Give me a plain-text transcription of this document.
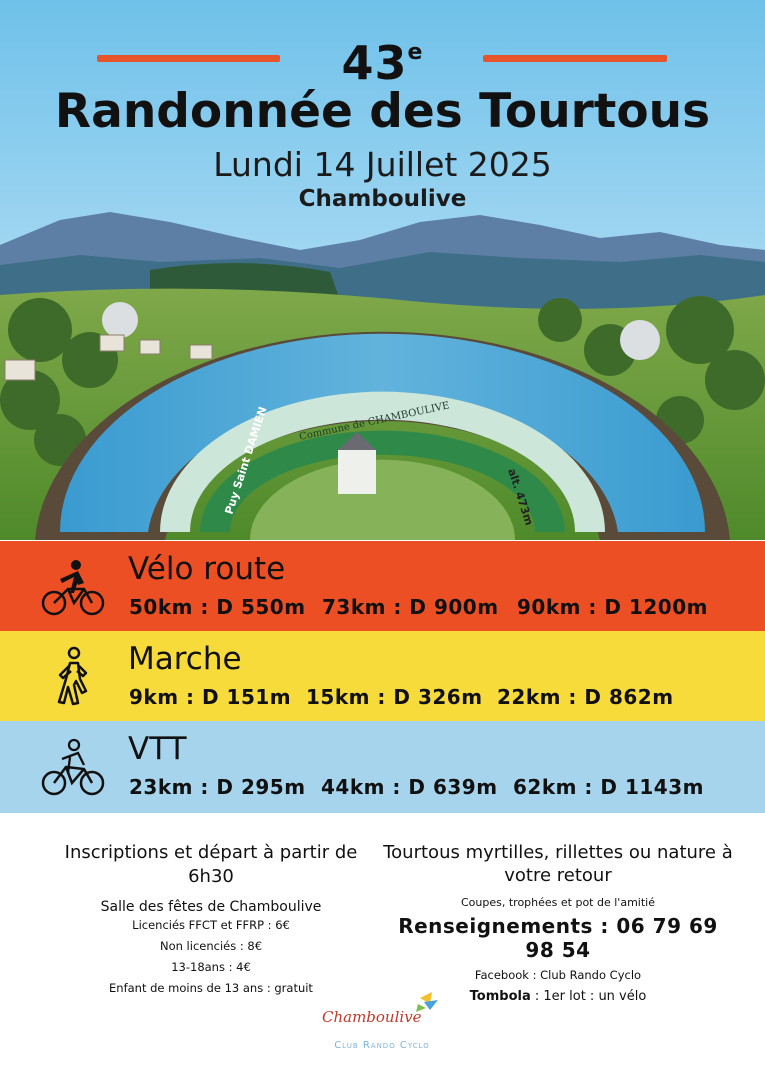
43e
Randonnée des Tourtous
Lundi 14 Juillet 2025
Chamboulive
Puy Saint DAMIEN	Commune de CHAMBOULIVE
alt. 473m
Vélo route
50km : D 550m 73km : D 900m 90km : D 1200m
Marche
9km : D 151m 15km : D 326m 22km : D 862m
VTT
23km : D 295m 44km : D 639m 62km : D 1143m
Inscriptions et départ à partir de 6h30
Salle des fêtes de Chamboulive
Licenciés FFCT et FFRP : 6€
Non licenciés : 8€
13-18ans : 4€
Enfant de moins de 13 ans : gratuit
Tourtous myrtilles, rillettes ou nature à votre retour
Coupes, trophées et pot de l'amitié
Renseignements : 06 79 69 98 54
Facebook : Club Rando Cyclo
Tombola : 1er lot : un vélo
Chamboulive
Club Rando Cyclo
